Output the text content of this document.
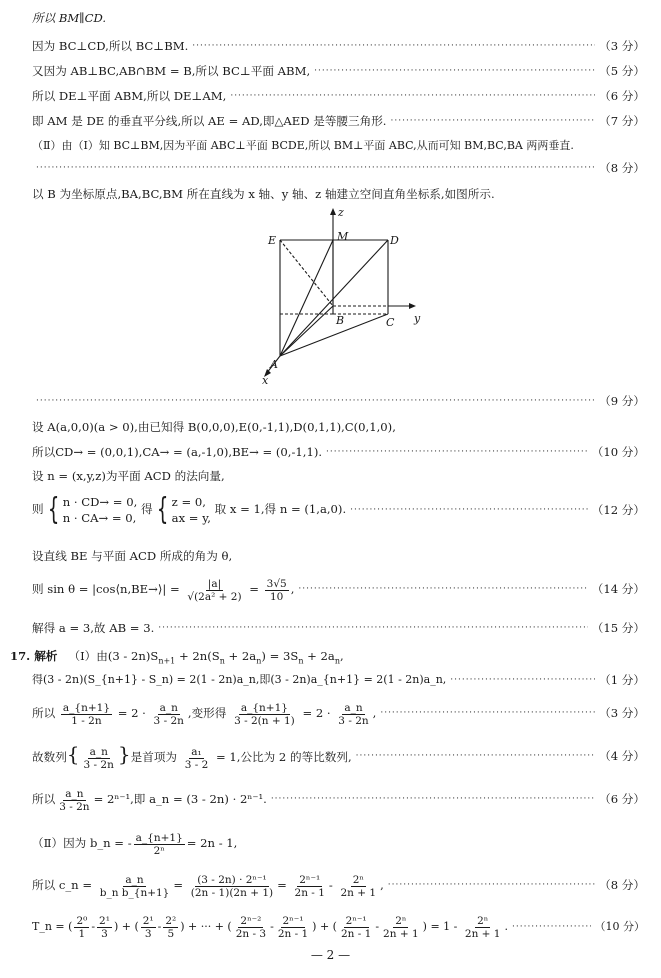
所以 BM∥CD.
因为 BC⊥CD,所以 BC⊥BM. ·····	（3 分）
又因为 AB⊥BC,AB∩BM = B,所以 BC⊥平面 ABM, ·····	（5 分）
所以 DE⊥平面 ABM,所以 DE⊥AM, ·····	（6 分）
即 AM 是 DE 的垂直平分线,所以 AE = AD,即△AED 是等腰三角形. ·····	（7 分）
（Ⅱ）由（Ⅰ）知 BC⊥BM,因为平面 ABC⊥平面 BCDE,所以 BM⊥平面 ABC,从而可知 BM,BC,BA 两两垂直.
·····
（8 分）
以 B 为坐标原点,BA,BC,BM 所在直线为 x 轴、y 轴、z 轴建立空间直角坐标系,如图所示.
E	M	D
B	C
A
x
y
z
·····
（9 分）
设 A(a,0,0)(a > 0),由已知得 B(0,0,0),E(0,-1,1),D(0,1,1),C(0,1,0),
所以CD→ = (0,0,1),CA→ = (a,-1,0),BE→ = (0,-1,1). ·····	（10 分）
设 n = (x,y,z)为平面 ACD 的法向量,
则 { n · CD→ = 0,
n · CA→ = 0,
得 { z = 0,
ax = y,
取 x = 1,得 n = (1,a,0). ·····	（12 分）
设直线 BE 与平面 ACD 所成的角为 θ,
则 sin θ = |cos⟨n,BE→⟩| = $\frac{|a|}{\text{√(2a² + 2)}} = \frac{3√5}{10}$ , ·····	（14 分）
解得 a = 3,故 AB = 3. ·····	（15 分）
17. 解析 （Ⅰ）由$(3 - 2n)S_{n+1} + 2n(S_n + 2a_n) = 3S_n + 2a_n$,
得(3 - 2n)(S_{n+1} - S_n) = 2(1 - 2n)a_n,即(3 - 2n)a_{n+1} = 2(1 - 2n)a_n, ·····	（1 分）
所以 $\frac{a\_\{n+1\}}{1 - 2n} = 2 \cdot \frac{a\_n}{3 - 2n}$ ,变形得 $\frac{a\_\{n+1\}}{3 - 2(n + 1)} = 2 \cdot \frac{a\_n}{3 - 2n}$ , ·····	（3 分）
故数列{ $\frac{a\_n}{3 - 2n}$ }是首项为 $\frac{\text{a₁}}{3 - 2} = 1$,公比为 2 的等比数列, ·····	（4 分）
所以 $\frac{a\_n}{3 - 2n} = 2^{n-1}$,即 a_n = (3 - 2n) · 2ⁿ⁻¹. ·····	（6 分）
（Ⅱ）因为 b_n = - $\frac{a\_\{n+1\}}{\text{2ⁿ}} = 2n - 1$,
所以 c_n = $\frac{a\_n}{\text{b\_n b\_\{n+1\}}} = \frac{\text{(3 - 2n) · 2ⁿ⁻¹}}{(2n - 1)(2n + 1)} = \frac{\text{2ⁿ⁻¹}}{2n - 1} - \frac{\text{2ⁿ}}{2n + 1}$ , ·····	（8 分）
T_n = ( $\frac{\text{2⁰}}{1} - \frac{\text{2¹}}{3}$ ) + ( $\frac{\text{2¹}}{3} - \frac{\text{2²}}{5}$ ) + ··· + ( $\frac{\text{2ⁿ⁻²}}{2n - 3} - \frac{\text{2ⁿ⁻¹}}{2n - 1}$ ) + ( $\frac{\text{2ⁿ⁻¹}}{2n - 1} - \frac{\text{2ⁿ}}{2n + 1}$ ) = $1 - \frac{\text{2ⁿ}}{2n + 1}$ . ·····	（10 分）
— 2 —
